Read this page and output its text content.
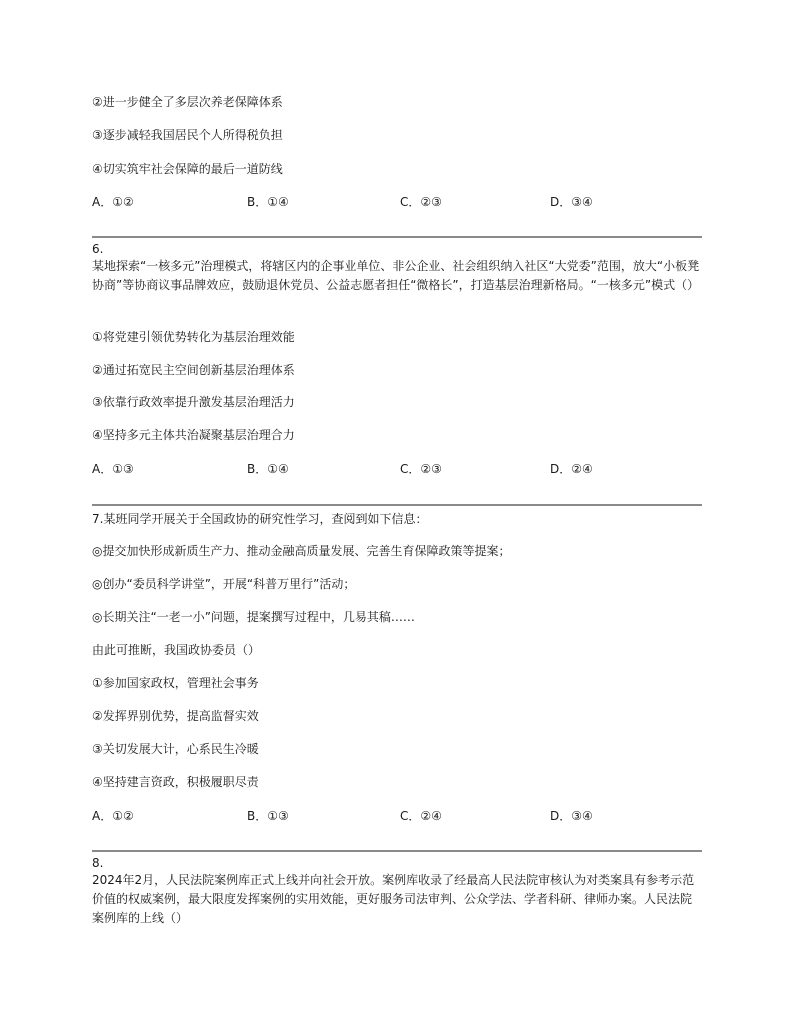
②进一步健全了多层次养老保障体系
③逐步减轻我国居民个人所得税负担
④切实筑牢社会保障的最后一道防线
A．①②	B．①④	C．②③	D．③④
6.
某地探索“一核多元”治理模式，将辖区内的企事业单位、非公企业、社会组织纳入社区“大党委”范围，放大“小板凳协商”等协商议事品牌效应，鼓励退休党员、公益志愿者担任“微格长”，打造基层治理新格局。“一核多元”模式（）
①将党建引领优势转化为基层治理效能
②通过拓宽民主空间创新基层治理体系
③依靠行政效率提升激发基层治理活力
④坚持多元主体共治凝聚基层治理合力
A．①③	B．①④	C．②③	D．②④
7.某班同学开展关于全国政协的研究性学习，查阅到如下信息：
◎提交加快形成新质生产力、推动金融高质量发展、完善生育保障政策等提案；
◎创办“委员科学讲堂”，开展“科普万里行”活动；
◎长期关注“一老一小”问题，提案撰写过程中，几易其稿……
由此可推断，我国政协委员（）
①参加国家政权，管理社会事务
②发挥界别优势，提高监督实效
③关切发展大计，心系民生冷暖
④坚持建言资政，积极履职尽责
A．①②	B．①③	C．②④	D．③④
8.
2024年2月，人民法院案例库正式上线并向社会开放。案例库收录了经最高人民法院审核认为对类案具有参考示范价值的权威案例，最大限度发挥案例的实用效能，更好服务司法审判、公众学法、学者科研、律师办案。人民法院案例库的上线（）
